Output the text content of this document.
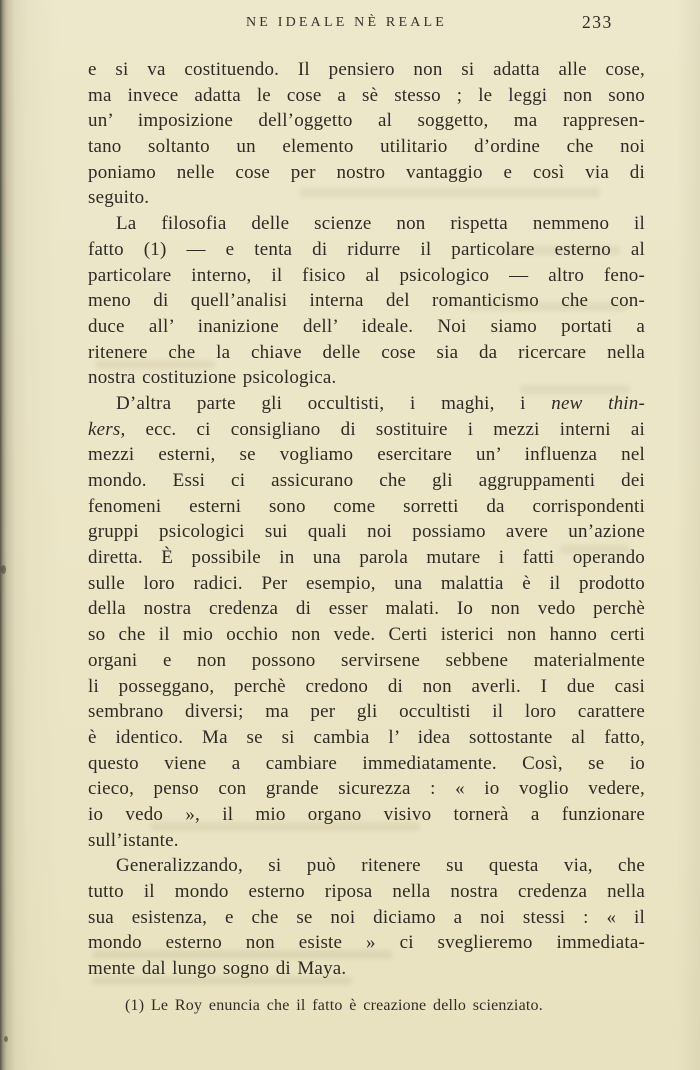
NE IDEALE NÈ REALE	233
e si va costituendo. Il pensiero non si adatta alle cose,
ma invece adatta le cose a sè stesso ; le leggi non sono
un’ imposizione dell’oggetto al soggetto, ma rappresen-
tano soltanto un elemento utilitario d’ordine che noi
poniamo nelle cose per nostro vantaggio e così via di
seguito.
La filosofia delle scienze non rispetta nemmeno il
fatto (1) — e tenta di ridurre il particolare esterno al
particolare interno, il fisico al psicologico — altro feno-
meno di quell’analisi interna del romanticismo che con-
duce all’ inanizione dell’ ideale. Noi siamo portati a
ritenere che la chiave delle cose sia da ricercare nella
nostra costituzione psicologica.
D’altra parte gli occultisti, i maghi, i new thin-
kers, ecc. ci consigliano di sostituire i mezzi interni ai
mezzi esterni, se vogliamo esercitare un’ influenza nel
mondo. Essi ci assicurano che gli aggruppamenti dei
fenomeni esterni sono come sorretti da corrispondenti
gruppi psicologici sui quali noi possiamo avere un’azione
diretta. È possibile in una parola mutare i fatti operando
sulle loro radici. Per esempio, una malattia è il prodotto
della nostra credenza di esser malati. Io non vedo perchè
so che il mio occhio non vede. Certi isterici non hanno certi
organi e non possono servirsene sebbene materialmente
li posseggano, perchè credono di non averli. I due casi
sembrano diversi; ma per gli occultisti il loro carattere
è identico. Ma se si cambia l’ idea sottostante al fatto,
questo viene a cambiare immediatamente. Così, se io
cieco, penso con grande sicurezza : « io voglio vedere,
io vedo », il mio organo visivo tornerà a funzionare
sull’istante.
Generalizzando, si può ritenere su questa via, che
tutto il mondo esterno riposa nella nostra credenza nella
sua esistenza, e che se noi diciamo a noi stessi : « il
mondo esterno non esiste » ci sveglieremo immediata-
mente dal lungo sogno di Maya.
(1) Le Roy enuncia che il fatto è creazione dello scienziato.
